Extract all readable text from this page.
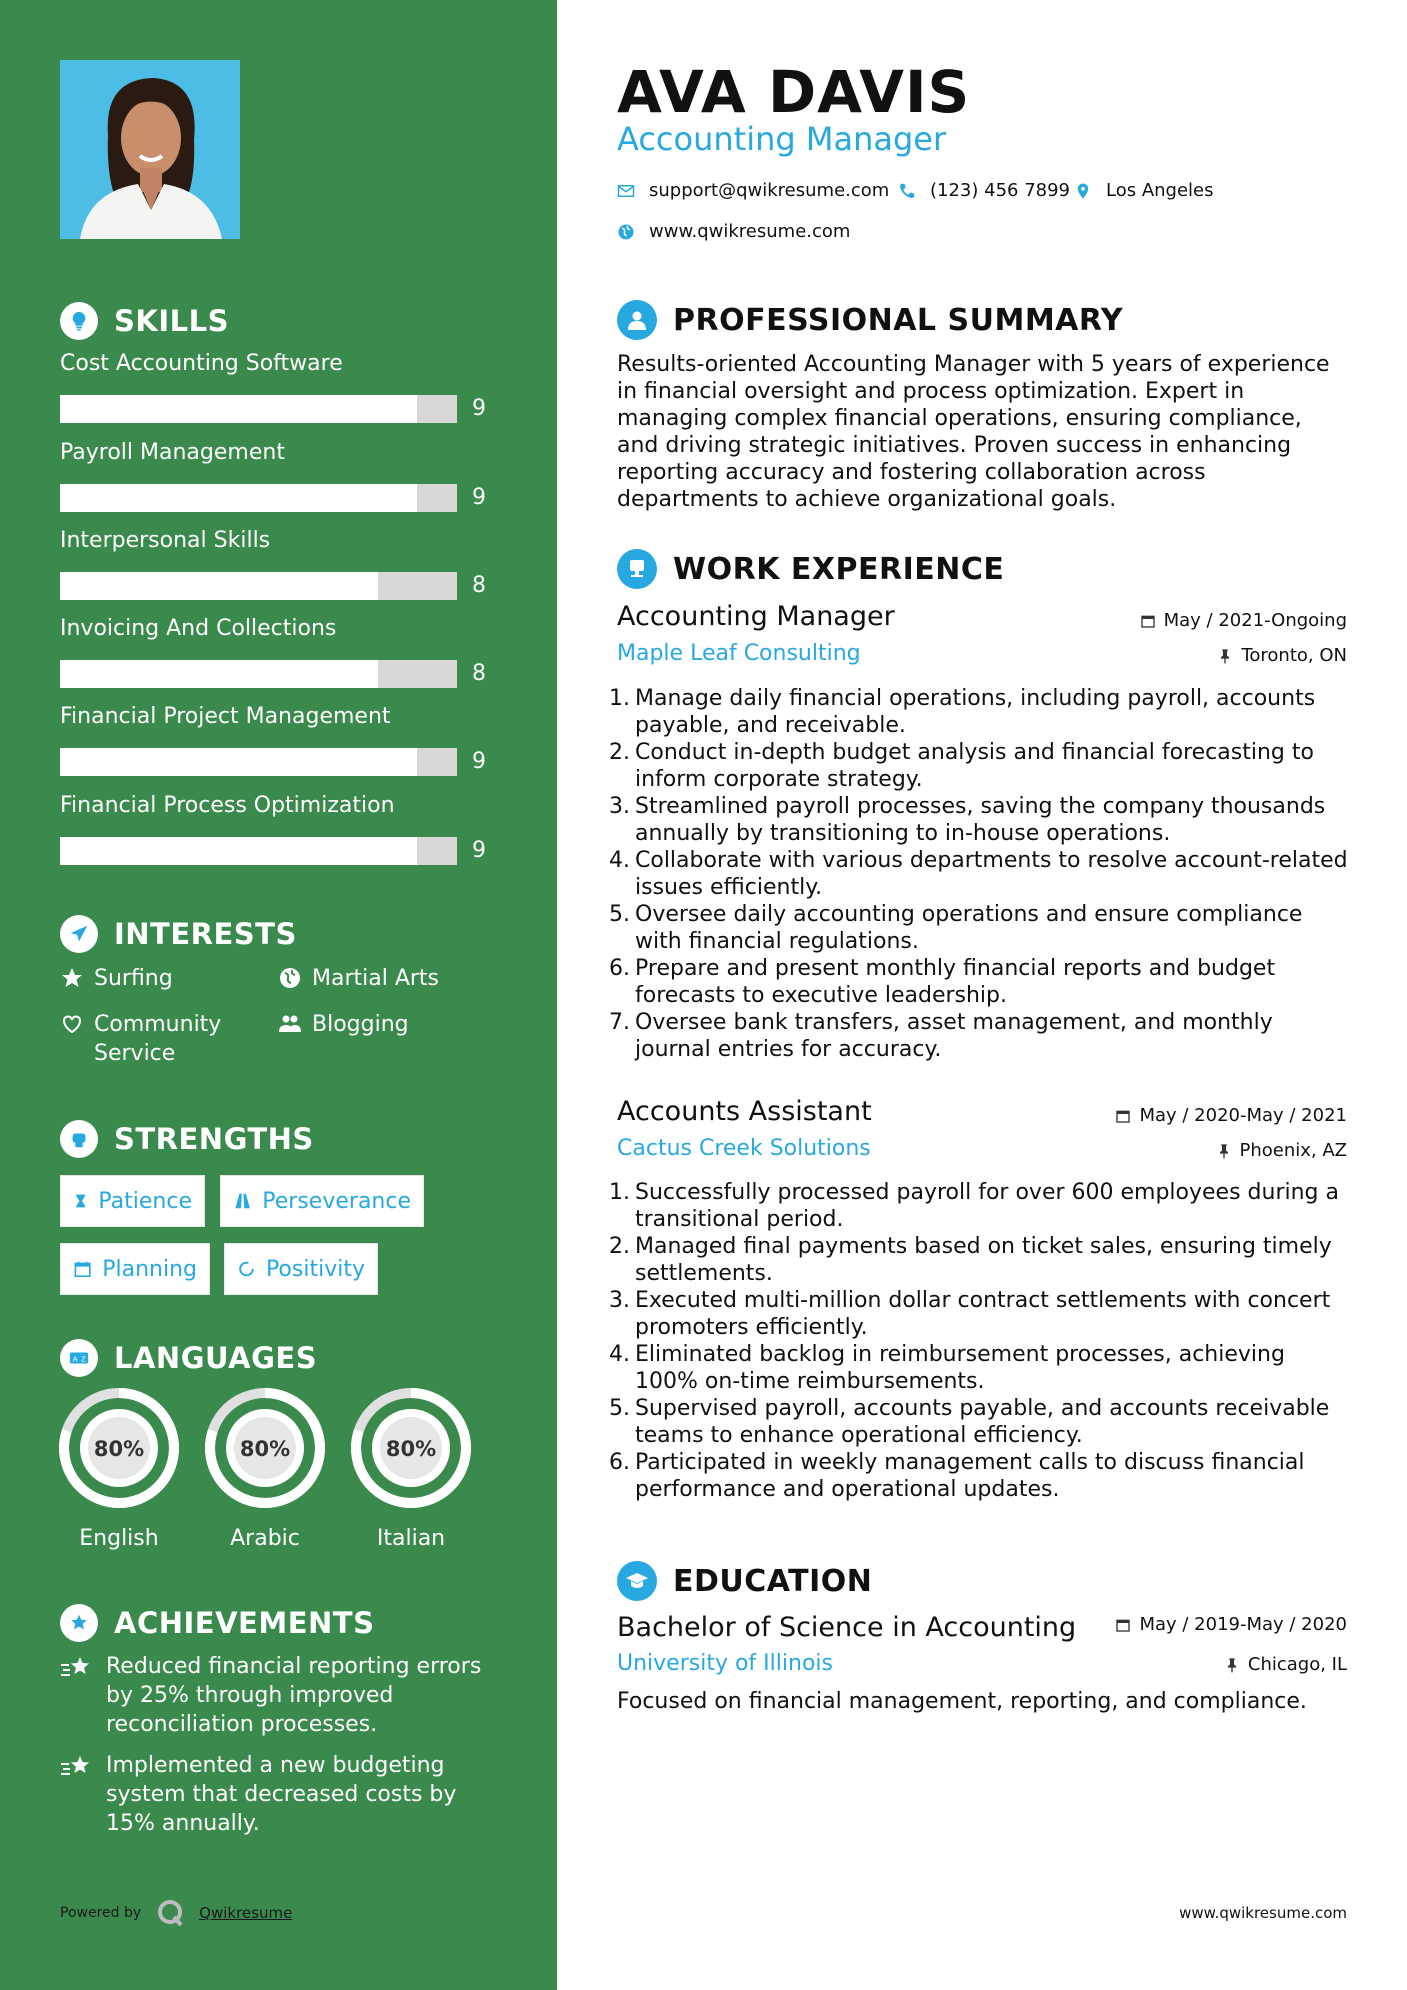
SKILLS
Cost Accounting Software
9
Payroll Management
9
Interpersonal Skills
8
Invoicing And Collections
8
Financial Project Management
9
Financial Process Optimization
9
INTERESTS
Surfing	Martial Arts
Community Service
Blogging
STRENGTHS
Patience	Perseverance
Planning	Positivity
A Z LANGUAGES
80%
English
80%
Arabic
80%
Italian
ACHIEVEMENTS
Reduced financial reporting errors by 25% through improved reconciliation processes.
Implemented a new budgeting system that decreased costs by 15% annually.
Powered by	Qwikresume
AVA DAVIS
Accounting Manager
support@qwikresume.com (123) 456 7899 Los Angeles
www.qwikresume.com
PROFESSIONAL SUMMARY
Results-oriented Accounting Manager with 5 years of experience in financial oversight and process optimization. Expert in managing complex financial operations, ensuring compliance, and driving strategic initiatives. Proven success in enhancing reporting accuracy and fostering collaboration across departments to achieve organizational goals.
WORK EXPERIENCE
Accounting Manager	May / 2021-Ongoing
Maple Leaf Consulting	Toronto, ON
Manage daily financial operations, including payroll, accounts payable, and receivable.
Conduct in-depth budget analysis and financial forecasting to inform corporate strategy.
Streamlined payroll processes, saving the company thousands annually by transitioning to in-house operations.
Collaborate with various departments to resolve account-related issues efficiently.
Oversee daily accounting operations and ensure compliance with financial regulations.
Prepare and present monthly financial reports and budget forecasts to executive leadership.
Oversee bank transfers, asset management, and monthly journal entries for accuracy.
Accounts Assistant	May / 2020-May / 2021
Cactus Creek Solutions	Phoenix, AZ
Successfully processed payroll for over 600 employees during a transitional period.
Managed final payments based on ticket sales, ensuring timely settlements.
Executed multi-million dollar contract settlements with concert promoters efficiently.
Eliminated backlog in reimbursement processes, achieving 100% on-time reimbursements.
Supervised payroll, accounts payable, and accounts receivable teams to enhance operational efficiency.
Participated in weekly management calls to discuss financial performance and operational updates.
EDUCATION
Bachelor of Science in Accounting	May / 2019-May / 2020
University of Illinois	Chicago, IL
Focused on financial management, reporting, and compliance.
www.qwikresume.com
